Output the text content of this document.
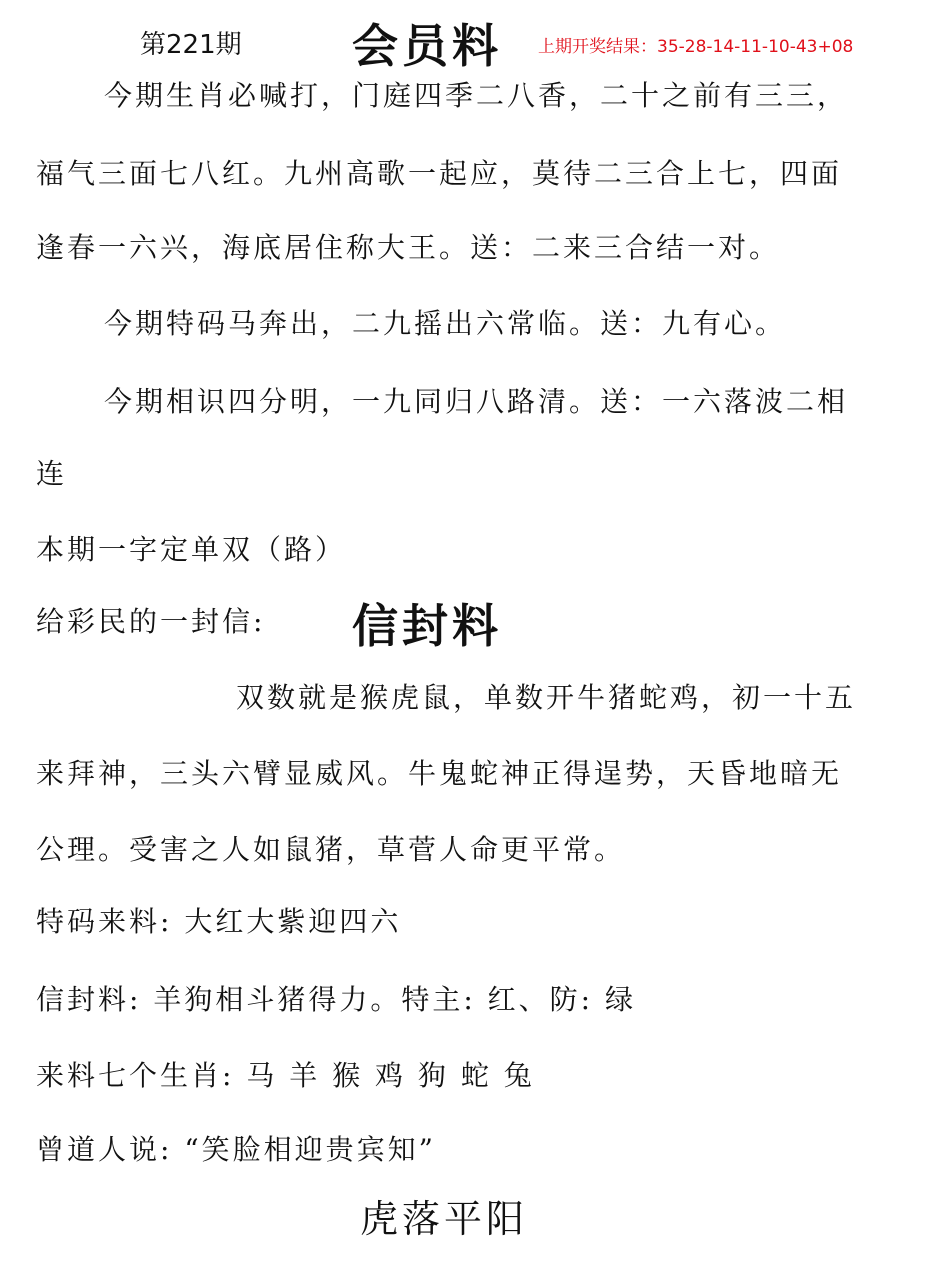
第221期 会员料 上期开奖结果：35-28-14-11-10-43+08
今期生肖必喊打，门庭四季二八香，二十之前有三三，
福气三面七八红。九州高歌一起应，莫待二三合上七，四面
逢春一六兴，海底居住称大王。送：二来三合结一对。
今期特码马奔出，二九摇出六常临。送：九有心。
今期相识四分明，一九同归八路清。送：一六落波二相
连
本期一字定单双（路）
给彩民的一封信: 信封料
双数就是猴虎鼠，单数开牛猪蛇鸡，初一十五
来拜神，三头六臂显威风。牛鬼蛇神正得逞势，天昏地暗无
公理。受害之人如鼠猪，草菅人命更平常。
特码来料: 大红大紫迎四六
信封料: 羊狗相斗猪得力。特主: 红、防: 绿
来料七个生肖: 马 羊 猴 鸡 狗 蛇 兔
曾道人说: “笑脸相迎贵宾知”
虎落平阳
